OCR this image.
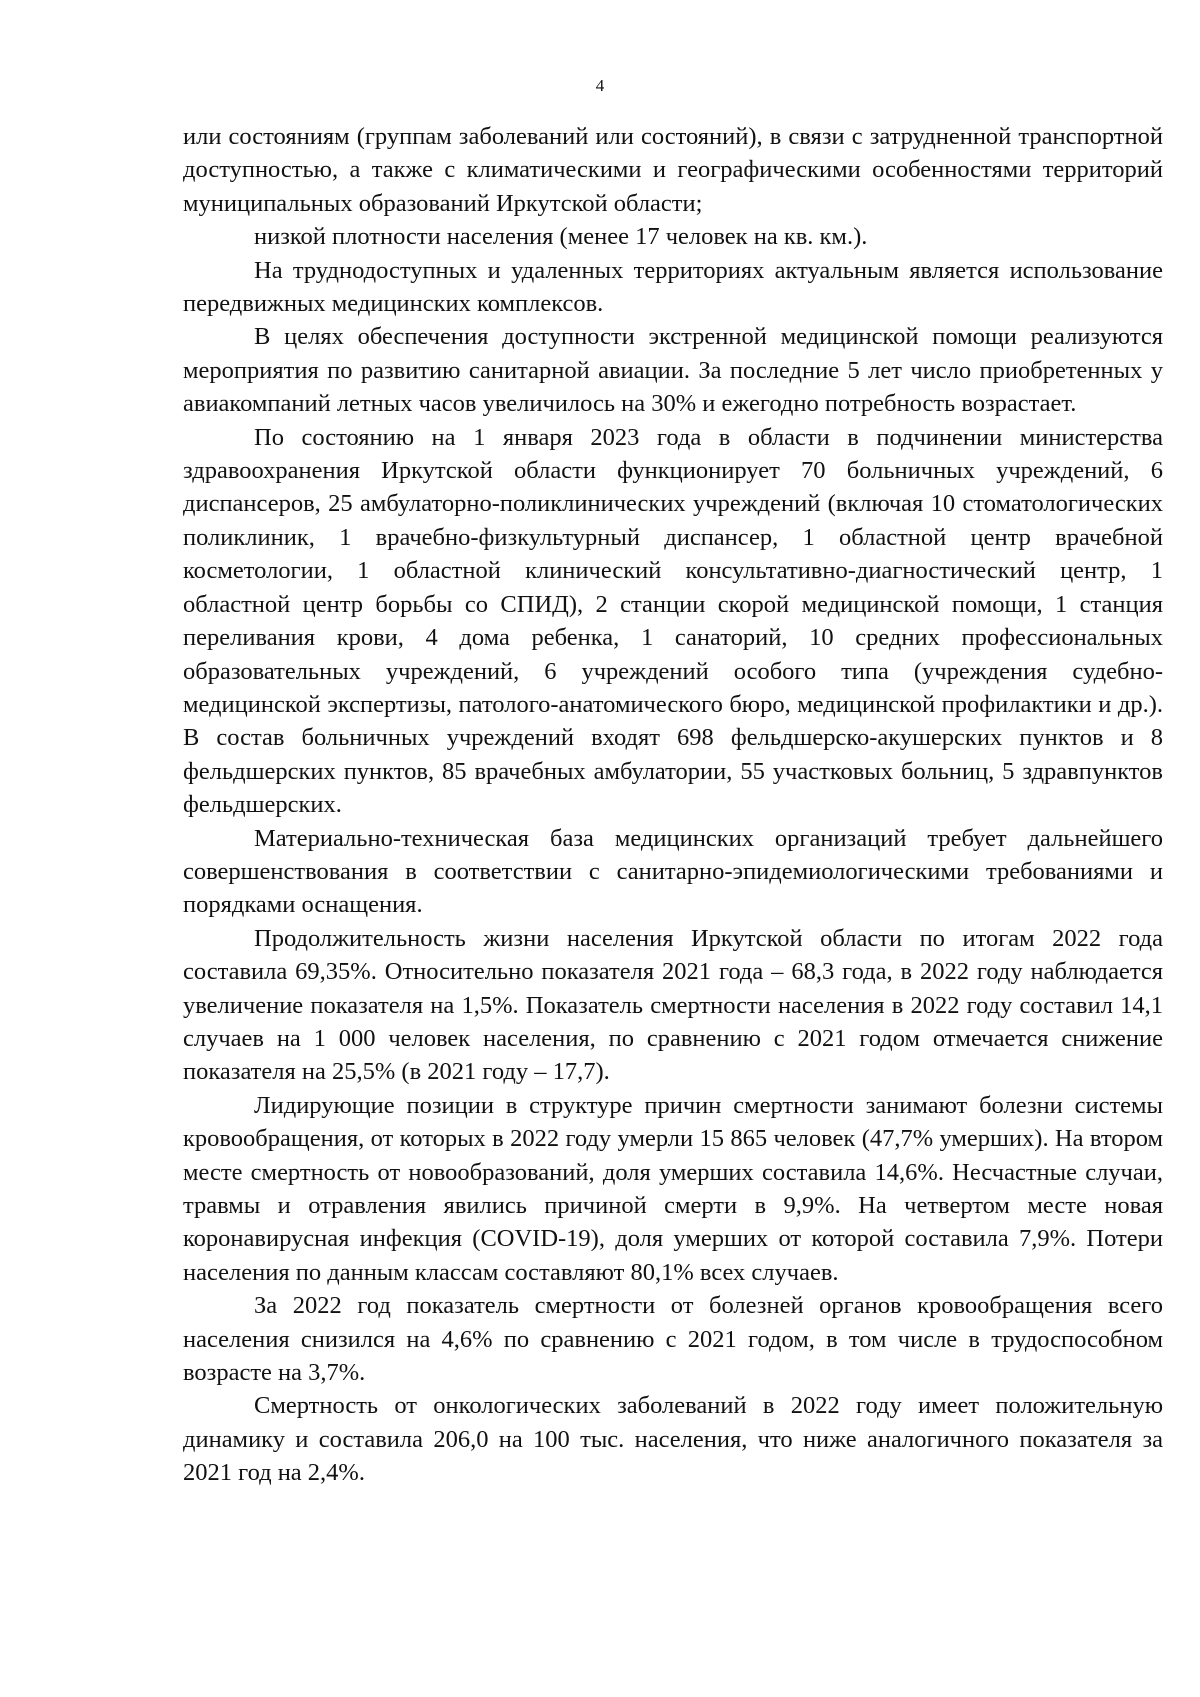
4

или состояниям (группам заболеваний или состояний), в связи с затрудненной транспортной доступностью, а также с климатическими и географическими особенностями территорий муниципальных образований Иркутской области;

низкой плотности населения (менее 17 человек на кв. км.).

На труднодоступных и удаленных территориях актуальным является использование передвижных медицинских комплексов.

В целях обеспечения доступности экстренной медицинской помощи реализуются мероприятия по развитию санитарной авиации. За последние 5 лет число приобретенных у авиакомпаний летных часов увеличилось на 30% и ежегодно потребность возрастает.

По состоянию на 1 января 2023 года в области в подчинении министерства здравоохранения Иркутской области функционирует 70 больничных учреждений, 6 диспансеров, 25 амбулаторно-поликлинических учреждений (включая 10 стоматологических поликлиник, 1 врачебно-физкультурный диспансер, 1 областной центр врачебной косметологии, 1 областной клинический консультативно-диагностический центр, 1 областной центр борьбы со СПИД), 2 станции скорой медицинской помощи, 1 станция переливания крови, 4 дома ребенка, 1 санаторий, 10 средних профессиональных образовательных учреждений, 6 учреждений особого типа (учреждения судебно-медицинской экспертизы, патолого-анатомического бюро, медицинской профилактики и др.). В состав больничных учреждений входят 698 фельдшерско-акушерских пунктов и 8 фельдшерских пунктов, 85 врачебных амбулатории, 55 участковых больниц, 5 здравпунктов фельдшерских.

Материально-техническая база медицинских организаций требует дальнейшего совершенствования в соответствии с санитарно-эпидемиологическими требованиями и порядками оснащения.

Продолжительность жизни населения Иркутской области по итогам 2022 года составила 69,35%. Относительно показателя 2021 года – 68,3 года, в 2022 году наблюдается увеличение показателя на 1,5%. Показатель смертности населения в 2022 году составил 14,1 случаев на 1 000 человек населения, по сравнению с 2021 годом отмечается снижение показателя на 25,5% (в 2021 году – 17,7).

Лидирующие позиции в структуре причин смертности занимают болезни системы кровообращения, от которых в 2022 году умерли 15 865 человек (47,7% умерших). На втором месте смертность от новообразований, доля умерших составила 14,6%. Несчастные случаи, травмы и отравления явились причиной смерти в 9,9%. На четвертом месте новая коронавирусная инфекция (COVID-19), доля умерших от которой составила 7,9%. Потери населения по данным классам составляют 80,1% всех случаев.

За 2022 год показатель смертности от болезней органов кровообращения всего населения снизился на 4,6% по сравнению с 2021 годом, в том числе в трудоспособном возрасте на 3,7%.

Смертность от онкологических заболеваний в 2022 году имеет положительную динамику и составила 206,0 на 100 тыс. населения, что ниже аналогичного показателя за 2021 год на 2,4%.
